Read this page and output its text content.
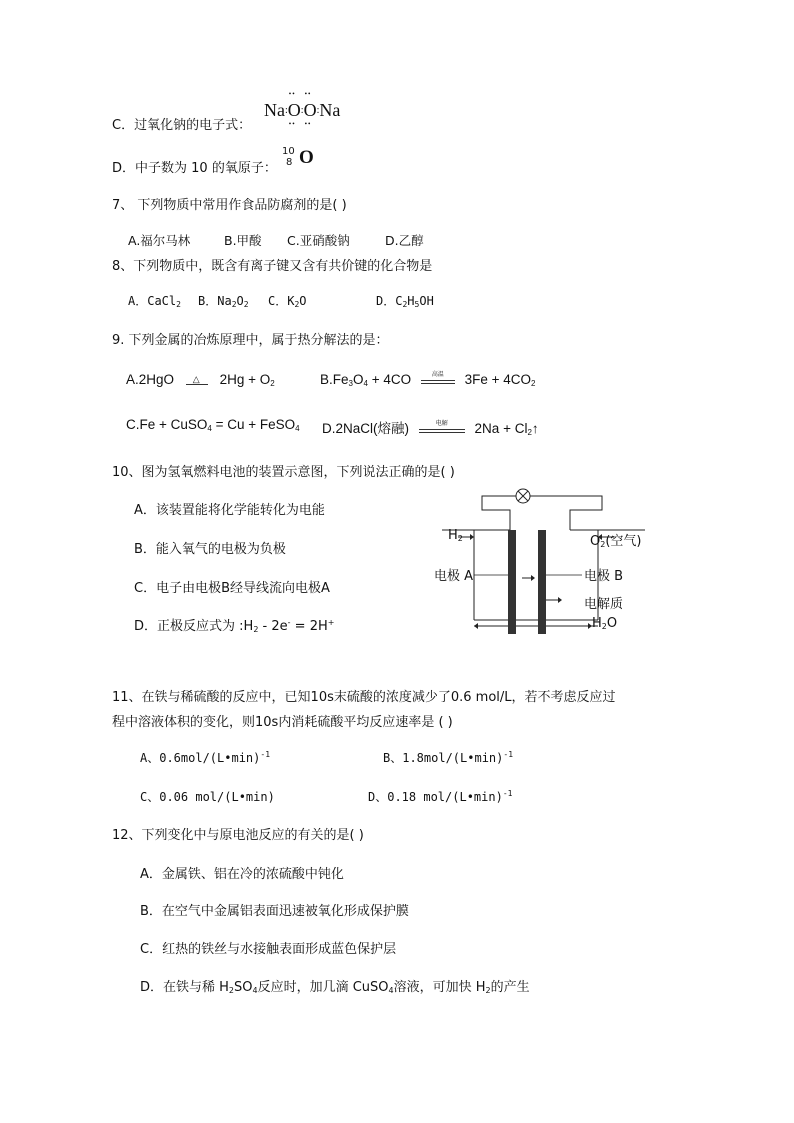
C．过氧化钠的电子式：
Na:•• O ••:•• O ••:Na
D．中子数为 10 的氧原子：
10
8 O
7、 下列物质中常用作食品防腐剂的是( )
A.福尔马林	B.甲酸 C.亚硝酸钠	D.乙醇
8、下列物质中，既含有离子键又含有共价键的化合物是
A．CaCl$_2$ B．$Na_2O_2$ C．$K_2O$	D．$C_2H_5OH$
9. 下列金属的冶炼原理中，属于热分解法的是：
A.2HgO △ $2Hg + O_2$	$B.Fe_3O_4 + 4CO$	高温	$3Fe + 4CO_2$
C.Fe + CuSO$_4$ = Cu + FeSO$_4$ D.2NaCl(熔融)	电解	$2Na + Cl_2↑$
10、图为氢氧燃料电池的装置示意图，下列说法正确的是( )
A．该装置能将化学能转化为电能
B．能入氧气的电极为负极
C．电子由电极B经导线流向电极A
D．正极反应式为 $:H_2 - 2e^- = 2H^+$
$H_2$	$O_2$(空气)
电极 A	电极 B
电解质
$H_2O$
11、在铁与稀硫酸的反应中，已知10s末硫酸的浓度减少了0.6 mol/L，若不考虑反应过
程中溶液体积的变化，则10s内消耗硫酸平均反应速率是 ( )
A、0.6mol/(L•min)$^{-1}$	B、1.8mol/(L•min)$^{-1}$
C、0.06 mol/(L•min)	D、0.18 mol/(L•min)$^{-1}$
12、下列变化中与原电池反应的有关的是( )
A．金属铁、铝在冷的浓硫酸中钝化
B．在空气中金属铝表面迅速被氧化形成保护膜
C．红热的铁丝与水接触表面形成蓝色保护层
D．在铁与稀 $H_2SO_4$反应时，加几滴 CuSO$_4$溶液，可加快 $H_2$的产生
